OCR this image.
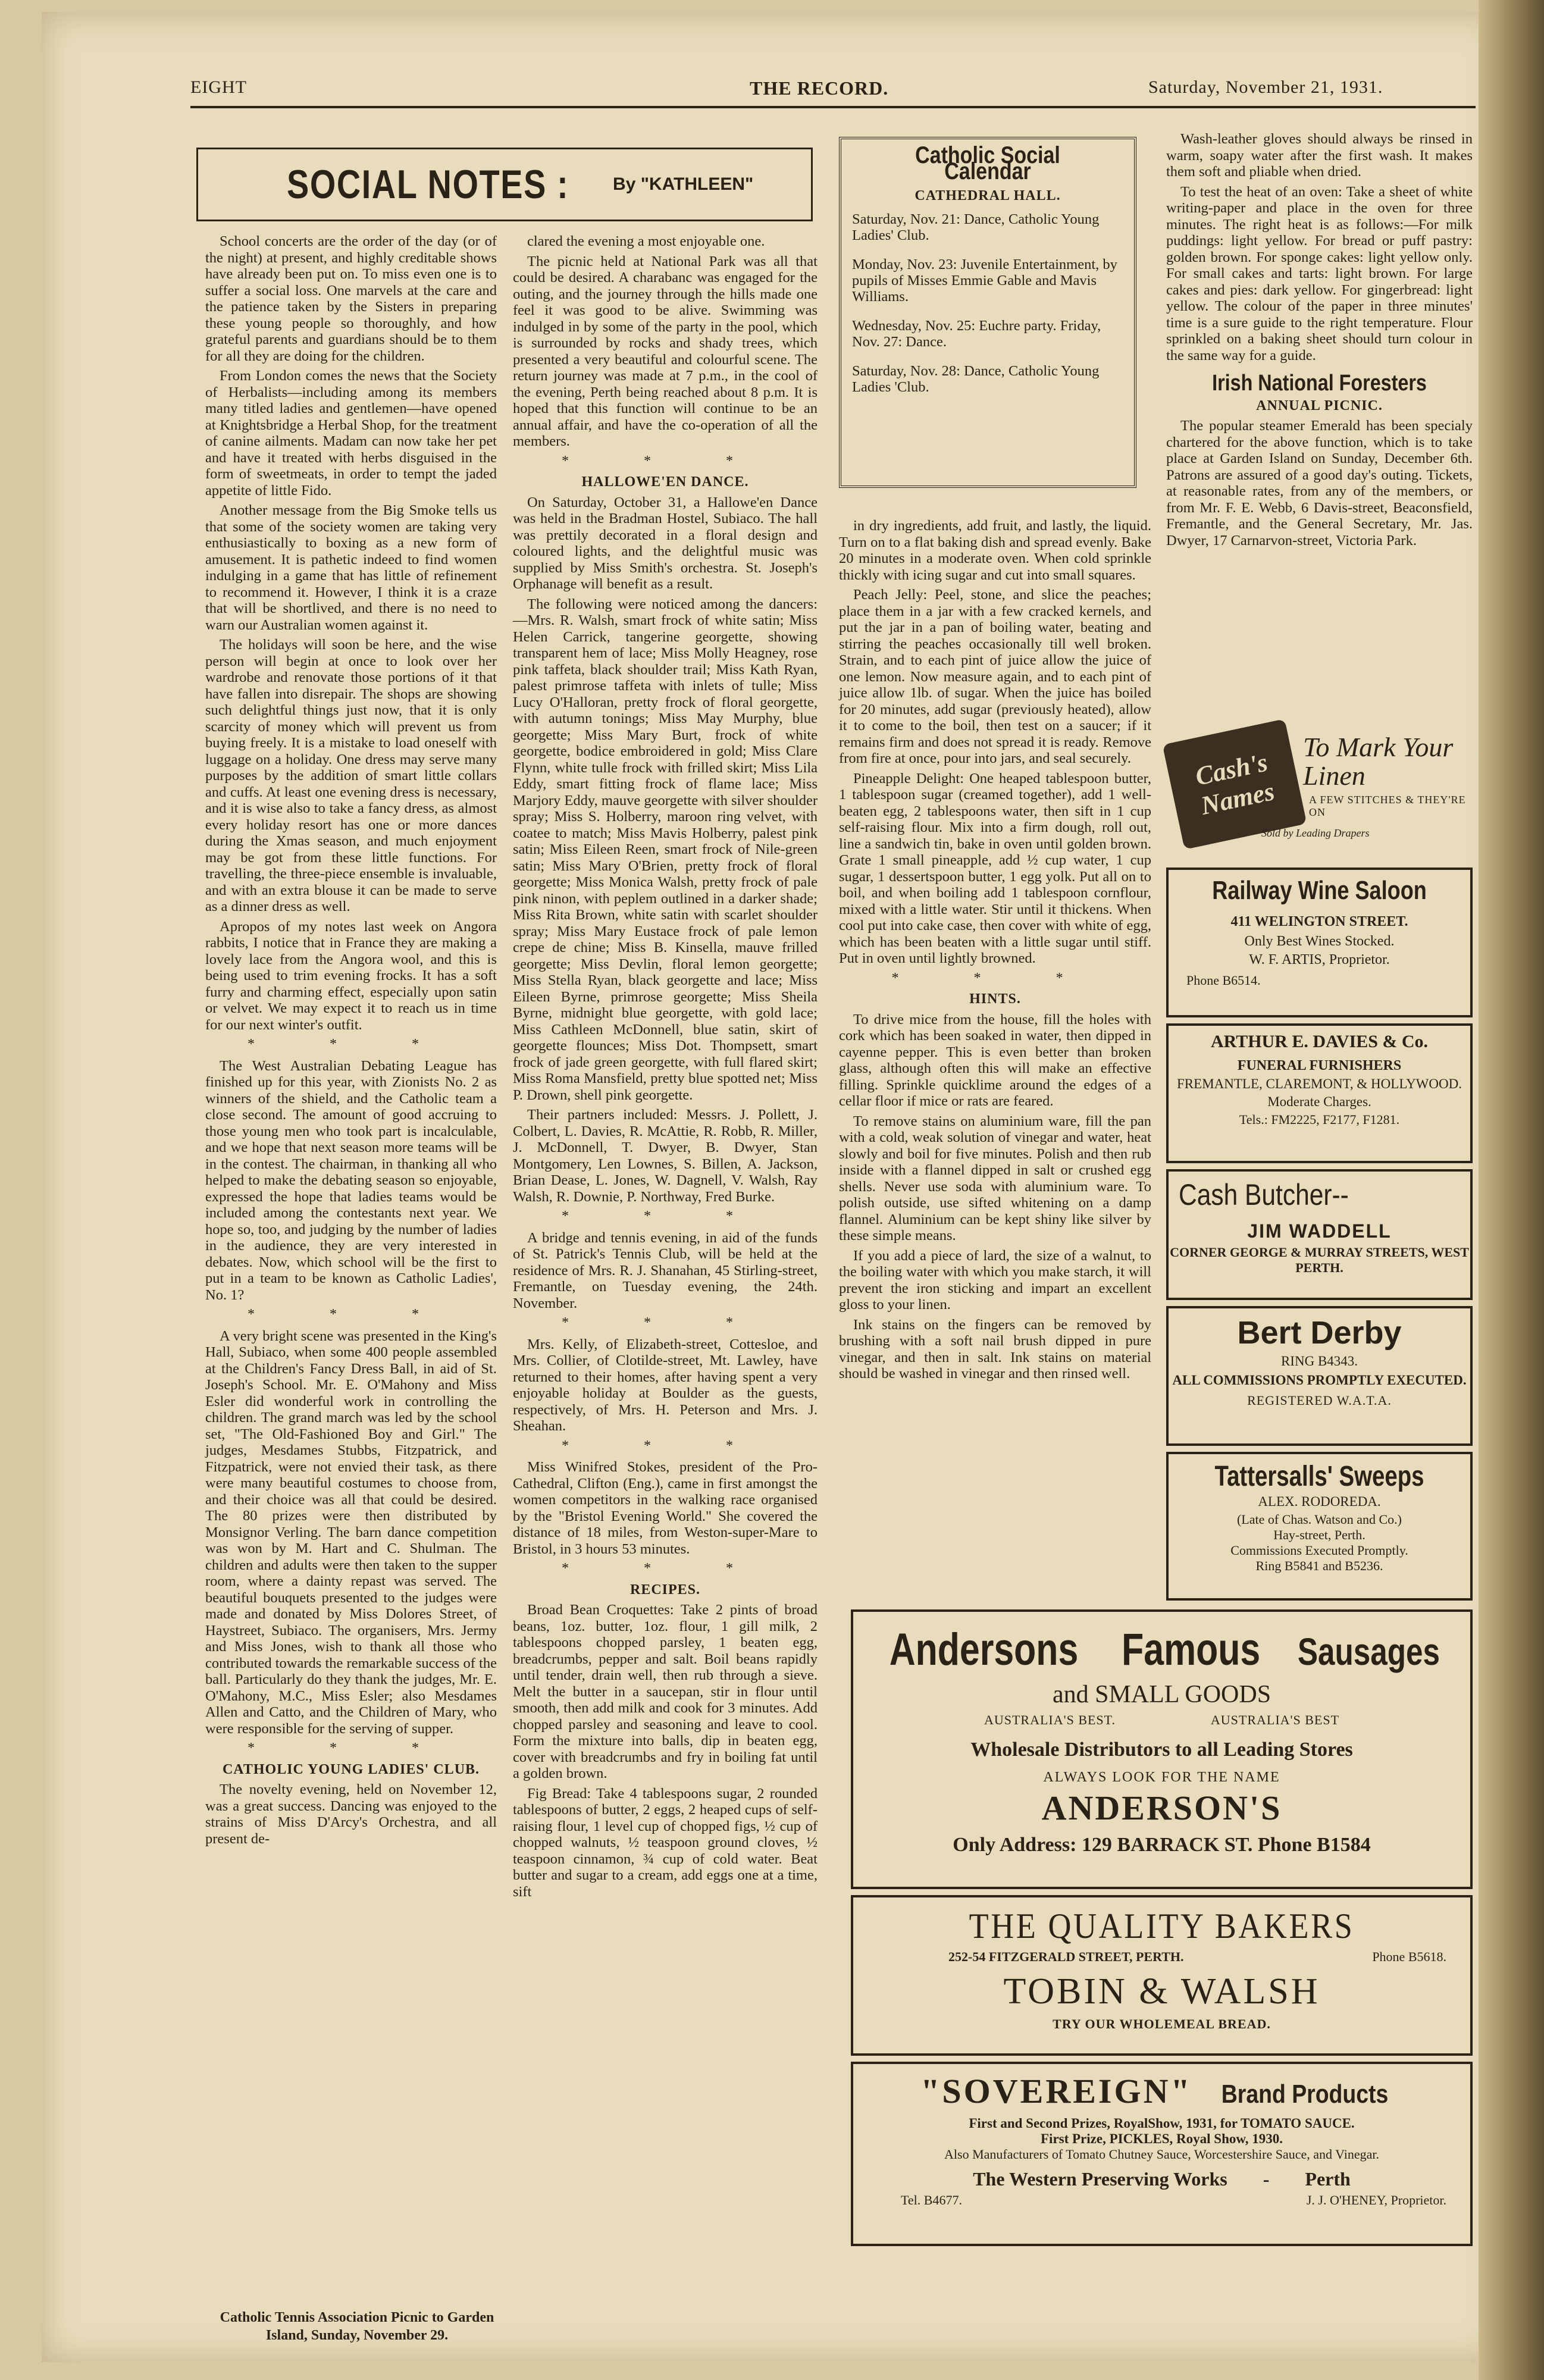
EIGHT	THE RECORD.	Saturday, November 21, 1931.
SOCIAL NOTES : By "KATHLEEN"

School concerts are the order of the day (or of the night) at present, and highly creditable shows have already been put on. To miss even one is to suffer a social loss. One marvels at the care and the patience taken by the Sisters in preparing these young people so thoroughly, and how grateful parents and guardians should be to them for all they are doing for the children.

From London comes the news that the Society of Herbalists—including among its members many titled ladies and gentlemen—have opened at Knightsbridge a Herbal Shop, for the treatment of canine ailments. Madam can now take her pet and have it treated with herbs disguised in the form of sweetmeats, in order to tempt the jaded appetite of little Fido.

Another message from the Big Smoke tells us that some of the society women are taking very enthusiastically to boxing as a new form of amusement. It is pathetic indeed to find women indulging in a game that has little of refinement to recommend it. However, I think it is a craze that will be shortlived, and there is no need to warn our Australian women against it.

The holidays will soon be here, and the wise person will begin at once to look over her wardrobe and renovate those portions of it that have fallen into disrepair. The shops are showing such delightful things just now, that it is only scarcity of money which will prevent us from buying freely. It is a mistake to load oneself with luggage on a holiday. One dress may serve many purposes by the addition of smart little collars and cuffs. At least one evening dress is necessary, and it is wise also to take a fancy dress, as almost every holiday resort has one or more dances during the Xmas season, and much enjoyment may be got from these little functions. For travelling, the three-piece ensemble is invaluable, and with an extra blouse it can be made to serve as a dinner dress as well.

Apropos of my notes last week on Angora rabbits, I notice that in France they are making a lovely lace from the Angora wool, and this is being used to trim evening frocks. It has a soft furry and charming effect, especially upon satin or velvet. We may expect it to reach us in time for our next winter's outfit.

* * *

The West Australian Debating League has finished up for this year, with Zionists No. 2 as winners of the shield, and the Catholic team a close second. The amount of good accruing to those young men who took part is incalculable, and we hope that next season more teams will be in the contest. The chairman, in thanking all who helped to make the debating season so enjoyable, expressed the hope that ladies teams would be included among the contestants next year. We hope so, too, and judging by the number of ladies in the audience, they are very interested in debates. Now, which school will be the first to put in a team to be known as Catholic Ladies', No. 1?

* * *

A very bright scene was presented in the King's Hall, Subiaco, when some 400 people assembled at the Children's Fancy Dress Ball, in aid of St. Joseph's School. Mr. E. O'Mahony and Miss Esler did wonderful work in controlling the children. The grand march was led by the school set, "The Old-Fashioned Boy and Girl." The judges, Mesdames Stubbs, Fitzpatrick, and Fitzpatrick, were not envied their task, as there were many beautiful costumes to choose from, and their choice was all that could be desired. The 80 prizes were then distributed by Monsignor Verling. The barn dance competition was won by M. Hart and C. Shulman. The children and adults were then taken to the supper room, where a dainty repast was served. The beautiful bouquets presented to the judges were made and donated by Miss Dolores Street, of Haystreet, Subiaco. The organisers, Mrs. Jermy and Miss Jones, wish to thank all those who contributed towards the remarkable success of the ball. Particularly do they thank the judges, Mr. E. O'Mahony, M.C., Miss Esler; also Mesdames Allen and Catto, and the Children of Mary, who were responsible for the serving of supper.

* * *
CATHOLIC YOUNG LADIES' CLUB.

The novelty evening, held on November 12, was a great success. Dancing was enjoyed to the strains of Miss D'Arcy's Orchestra, and all present de-

Catholic Tennis Association Picnic to Garden Island, Sunday, November 29.

clared the evening a most enjoyable one.

The picnic held at National Park was all that could be desired. A charabanc was engaged for the outing, and the journey through the hills made one feel it was good to be alive. Swimming was indulged in by some of the party in the pool, which is surrounded by rocks and shady trees, which presented a very beautiful and colourful scene. The return journey was made at 7 p.m., in the cool of the evening, Perth being reached about 8 p.m. It is hoped that this function will continue to be an annual affair, and have the co-operation of all the members.

* * *
HALLOWE'EN DANCE.

On Saturday, October 31, a Hallowe'en Dance was held in the Bradman Hostel, Subiaco. The hall was prettily decorated in a floral design and coloured lights, and the delightful music was supplied by Miss Smith's orchestra. St. Joseph's Orphanage will benefit as a result.

The following were noticed among the dancers:—Mrs. R. Walsh, smart frock of white satin; Miss Helen Carrick, tangerine georgette, showing transparent hem of lace; Miss Molly Heagney, rose pink taffeta, black shoulder trail; Miss Kath Ryan, palest primrose taffeta with inlets of tulle; Miss Lucy O'Halloran, pretty frock of floral georgette, with autumn tonings; Miss May Murphy, blue georgette; Miss Mary Burt, frock of white georgette, bodice embroidered in gold; Miss Clare Flynn, white tulle frock with frilled skirt; Miss Lila Eddy, smart fitting frock of flame lace; Miss Marjory Eddy, mauve georgette with silver shoulder spray; Miss S. Holberry, maroon ring velvet, with coatee to match; Miss Mavis Holberry, palest pink satin; Miss Eileen Reen, smart frock of Nile-green satin; Miss Mary O'Brien, pretty frock of floral georgette; Miss Monica Walsh, pretty frock of pale pink ninon, with peplem outlined in a darker shade; Miss Rita Brown, white satin with scarlet shoulder spray; Miss Mary Eustace frock of pale lemon crepe de chine; Miss B. Kinsella, mauve frilled georgette; Miss Devlin, floral lemon georgette; Miss Stella Ryan, black georgette and lace; Miss Eileen Byrne, primrose georgette; Miss Sheila Byrne, midnight blue georgette, with gold lace; Miss Cathleen McDonnell, blue satin, skirt of georgette flounces; Miss Dot. Thompsett, smart frock of jade green georgette, with full flared skirt; Miss Roma Mansfield, pretty blue spotted net; Miss P. Drown, shell pink georgette.

Their partners included: Messrs. J. Pollett, J. Colbert, L. Davies, R. McAttie, R. Robb, R. Miller, J. McDonnell, T. Dwyer, B. Dwyer, Stan Montgomery, Len Lownes, S. Billen, A. Jackson, Brian Dease, L. Jones, W. Dagnell, V. Walsh, Ray Walsh, R. Downie, P. Northway, Fred Burke.

* * *

A bridge and tennis evening, in aid of the funds of St. Patrick's Tennis Club, will be held at the residence of Mrs. R. J. Shanahan, 45 Stirling-street, Fremantle, on Tuesday evening, the 24th. November.

* * *

Mrs. Kelly, of Elizabeth-street, Cottesloe, and Mrs. Collier, of Clotilde-street, Mt. Lawley, have returned to their homes, after having spent a very enjoyable holiday at Boulder as the guests, respectively, of Mrs. H. Peterson and Mrs. J. Sheahan.

* * *

Miss Winifred Stokes, president of the Pro-Cathedral, Clifton (Eng.), came in first amongst the women competitors in the walking race organised by the "Bristol Evening World." She covered the distance of 18 miles, from Weston-super-Mare to Bristol, in 3 hours 53 minutes.

* * *
RECIPES.

Broad Bean Croquettes: Take 2 pints of broad beans, 1oz. butter, 1oz. flour, 1 gill milk, 2 tablespoons chopped parsley, 1 beaten egg, breadcrumbs, pepper and salt. Boil beans rapidly until tender, drain well, then rub through a sieve. Melt the butter in a saucepan, stir in flour until smooth, then add milk and cook for 3 minutes. Add chopped parsley and seasoning and leave to cool. Form the mixture into balls, dip in beaten egg, cover with breadcrumbs and fry in boiling fat until a golden brown.

Fig Bread: Take 4 tablespoons sugar, 2 rounded tablespoons of butter, 2 eggs, 2 heaped cups of self-raising flour, 1 level cup of chopped figs, ½ cup of chopped walnuts, ½ teaspoon ground cloves, ½ teaspoon cinnamon, ¾ cup of cold water. Beat butter and sugar to a cream, add eggs one at a time, sift

Catholic Social Calendar
CATHEDRAL HALL.

Saturday, Nov. 21: Dance, Catholic Young Ladies' Club.

Monday, Nov. 23: Juvenile Entertainment, by pupils of Misses Emmie Gable and Mavis Williams.

Wednesday, Nov. 25: Euchre party. Friday, Nov. 27: Dance.

Saturday, Nov. 28: Dance, Catholic Young Ladies 'Club.

in dry ingredients, add fruit, and lastly, the liquid. Turn on to a flat baking dish and spread evenly. Bake 20 minutes in a moderate oven. When cold sprinkle thickly with icing sugar and cut into small squares.

Peach Jelly: Peel, stone, and slice the peaches; place them in a jar with a few cracked kernels, and put the jar in a pan of boiling water, beating and stirring the peaches occasionally till well broken. Strain, and to each pint of juice allow the juice of one lemon. Now measure again, and to each pint of juice allow 1lb. of sugar. When the juice has boiled for 20 minutes, add sugar (previously heated), allow it to come to the boil, then test on a saucer; if it remains firm and does not spread it is ready. Remove from fire at once, pour into jars, and seal securely.

Pineapple Delight: One heaped tablespoon butter, 1 tablespoon sugar (creamed together), add 1 well-beaten egg, 2 tablespoons water, then sift in 1 cup self-raising flour. Mix into a firm dough, roll out, line a sandwich tin, bake in oven until golden brown. Grate 1 small pineapple, add ½ cup water, 1 cup sugar, 1 dessertspoon butter, 1 egg yolk. Put all on to boil, and when boiling add 1 tablespoon cornflour, mixed with a little water. Stir until it thickens. When cool put into cake case, then cover with white of egg, which has been beaten with a little sugar until stiff. Put in oven until lightly browned.

* * *
HINTS.

To drive mice from the house, fill the holes with cork which has been soaked in water, then dipped in cayenne pepper. This is even better than broken glass, although often this will make an effective filling. Sprinkle quicklime around the edges of a cellar floor if mice or rats are feared.

To remove stains on aluminium ware, fill the pan with a cold, weak solution of vinegar and water, heat slowly and boil for five minutes. Polish and then rub inside with a flannel dipped in salt or crushed egg shells. Never use soda with aluminium ware. To polish outside, use sifted whitening on a damp flannel. Aluminium can be kept shiny like silver by these simple means.

If you add a piece of lard, the size of a walnut, to the boiling water with which you make starch, it will prevent the iron sticking and impart an excellent gloss to your linen.

Ink stains on the fingers can be removed by brushing with a soft nail brush dipped in pure vinegar, and then in salt. Ink stains on material should be washed in vinegar and then rinsed well.

Wash-leather gloves should always be rinsed in warm, soapy water after the first wash. It makes them soft and pliable when dried.

To test the heat of an oven: Take a sheet of white writing-paper and place in the oven for three minutes. The right heat is as follows:—For milk puddings: light yellow. For bread or puff pastry: golden brown. For sponge cakes: light yellow only. For small cakes and tarts: light brown. For large cakes and pies: dark yellow. For gingerbread: light yellow. The colour of the paper in three minutes' time is a sure guide to the right temperature. Flour sprinkled on a baking sheet should turn colour in the same way for a guide.

Irish National Foresters
ANNUAL PICNIC.

The popular steamer Emerald has been specialy chartered for the above function, which is to take place at Garden Island on Sunday, December 6th. Patrons are assured of a good day's outing. Tickets, at reasonable rates, from any of the members, or from Mr. F. E. Webb, 6 Davis-street, Beaconsfield, Fremantle, and the General Secretary, Mr. Jas. Dwyer, 17 Carnarvon-street, Victoria Park.

Cash's Names
To Mark Your Linen
A FEW STITCHES & THEY'RE ON
Sold by Leading Drapers
Railway Wine Saloon
411 WELINGTON STREET.
Only Best Wines Stocked.
W. F. ARTIS, Proprietor.
Phone B6514.
ARTHUR E. DAVIES & Co.
FUNERAL FURNISHERS
FREMANTLE, CLAREMONT, & HOLLYWOOD.
Moderate Charges.
Tels.: FM2225, F2177, F1281.
Cash Butcher--
JIM WADDELL
CORNER GEORGE & MURRAY STREETS, WEST PERTH.
Bert Derby
RING B4343.
ALL COMMISSIONS PROMPTLY EXECUTED.
REGISTERED W.A.T.A.
Tattersalls' Sweeps
ALEX. RODOREDA.
(Late of Chas. Watson and Co.)
Hay-street, Perth.
Commissions Executed Promptly.
Ring B5841 and B5236.
Andersons Famous Sausages
and SMALL GOODS
AUSTRALIA'S BEST.	AUSTRALIA'S BEST
Wholesale Distributors to all Leading Stores
ALWAYS LOOK FOR THE NAME
ANDERSON'S
Only Address: 129 BARRACK ST. Phone B1584
THE QUALITY BAKERS
252-54 FITZGERALD STREET, PERTH.	Phone B5618.
TOBIN & WALSH
TRY OUR WHOLEMEAL BREAD.
"SOVEREIGN" Brand Products
First and Second Prizes, RoyalShow, 1931, for TOMATO SAUCE.
First Prize, PICKLES, Royal Show, 1930.
Also Manufacturers of Tomato Chutney Sauce, Worcestershire Sauce, and Vinegar.
The Western Preserving Works - Perth
Tel. B4677.	J. J. O'HENEY, Proprietor.
